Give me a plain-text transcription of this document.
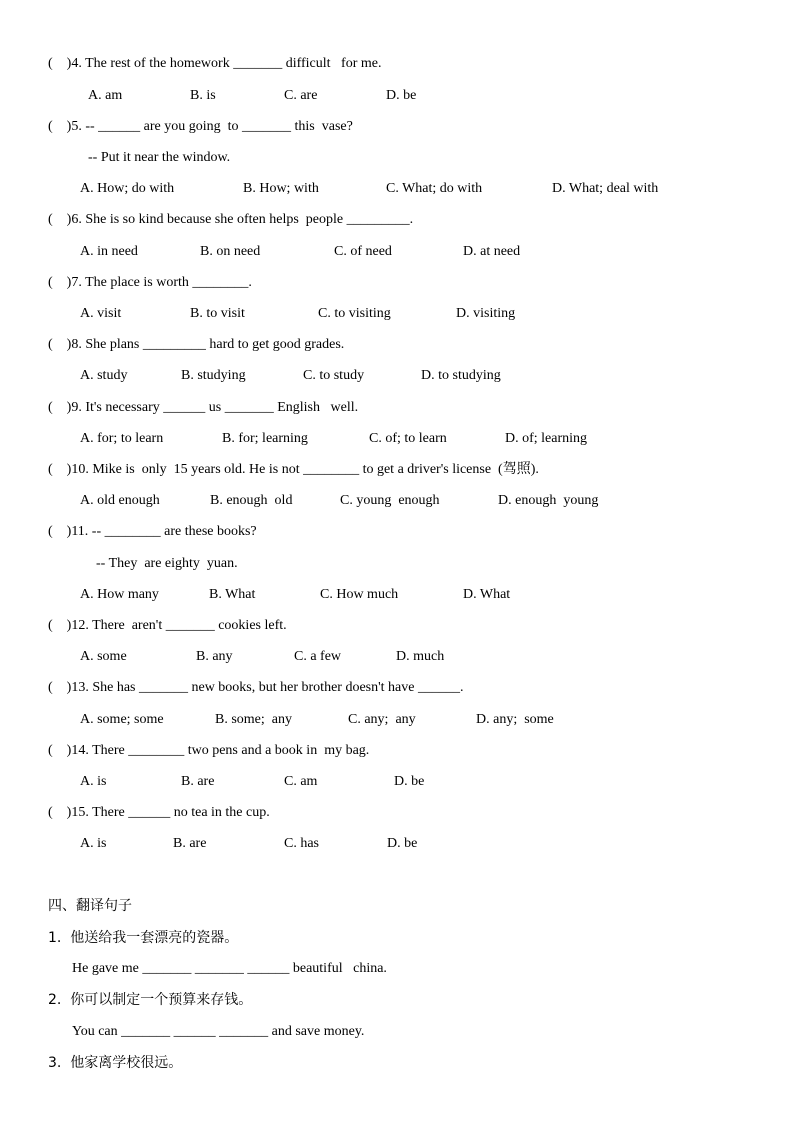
(    )4. The rest of the homework _______ difficult   for me.
A. am	B. is	C. are	D. be
(    )5. -- ______ are you going  to _______ this  vase?
-- Put it near the window.
A. How; do with	B. How; with	C. What; do with	D. What; deal with
(    )6. She is so kind because she often helps  people _________.
A. in need	B. on need	C. of need	D. at need
(    )7. The place is worth ________.
A. visit	B. to visit	C. to visiting	D. visiting
(    )8. She plans _________ hard to get good grades.
A. study	B. studying	C. to study	D. to studying
(    )9. It's necessary ______ us _______ English   well.
A. for; to learn	B. for; learning	C. of; to learn	D. of; learning
(    )10. Mike is  only  15 years old. He is not ________ to get a driver's license  (驾照).
A. old enough	B. enough  old	C. young  enough	D. enough  young
(    )11. -- ________ are these books?
-- They  are eighty  yuan.
A. How many	B. What	C. How much	D. What
(    )12. There  aren't _______ cookies left.
A. some	B. any	C. a few	D. much
(    )13. She has _______ new books, but her brother doesn't have ______.
A. some; some	B. some;  any	C. any;  any	D. any;  some
(    )14. There ________ two pens and a book in  my bag.
A. is	B. are	C. am	D. be
(    )15. There ______ no tea in the cup.
A. is	B. are	C. has	D. be
四、翻译句子
1.  他送给我一套漂亮的瓷器。
He gave me _______ _______ ______ beautiful   china.
2.  你可以制定一个预算来存钱。
You can _______ ______ _______ and save money.
3.  他家离学校很远。
